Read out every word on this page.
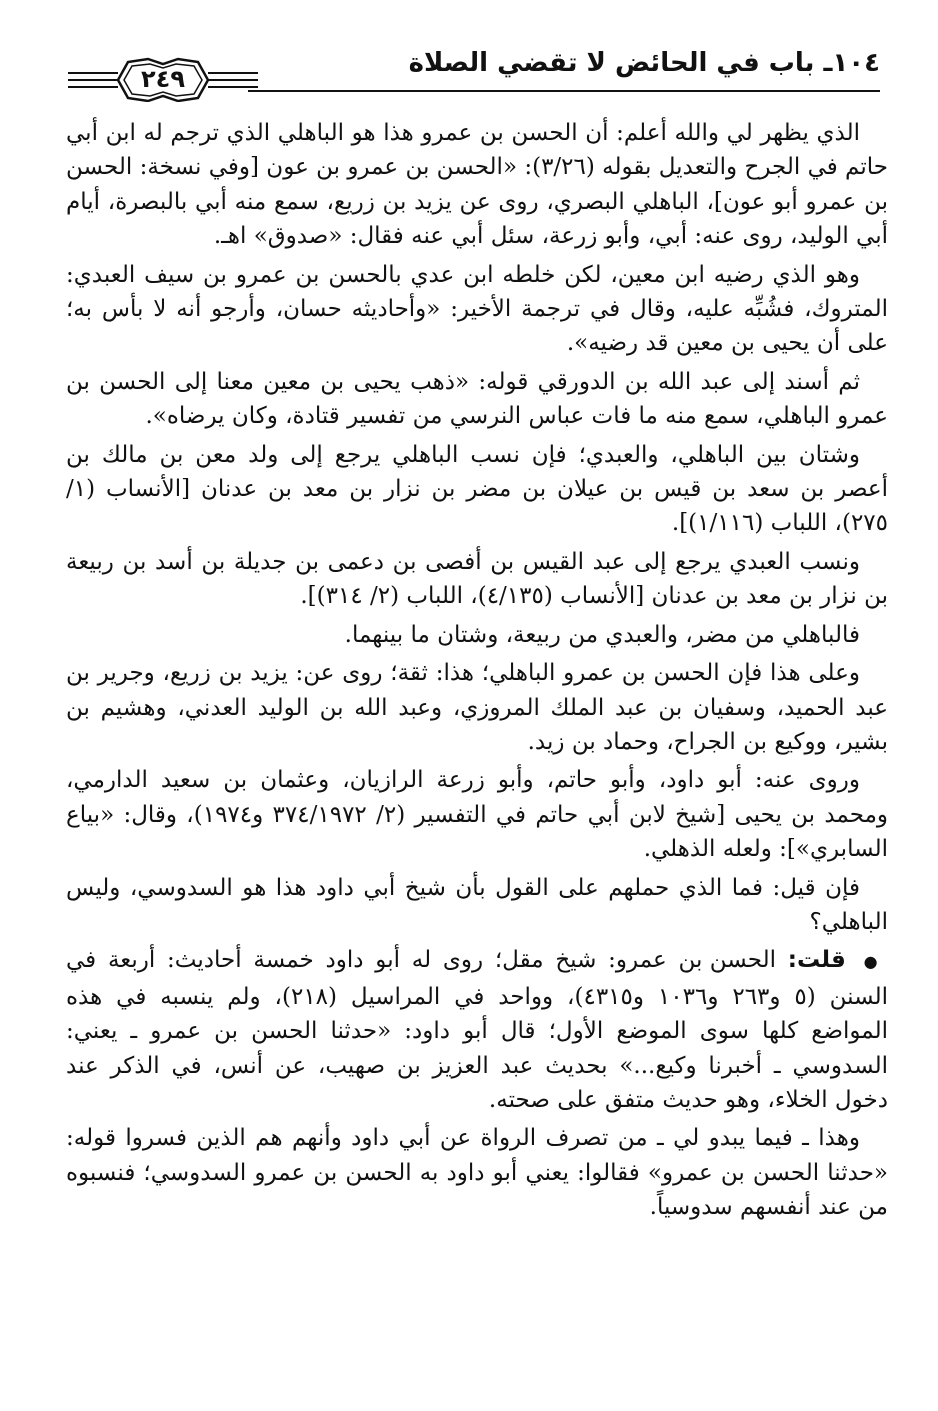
١٠٤ـ باب في الحائض لا تقضي الصلاة
٢٤٩

الذي يظهر لي والله أعلم: أن الحسن بن عمرو هذا هو الباهلي الذي ترجم له ابن أبي حاتم في الجرح والتعديل بقوله (٣/٢٦): «الحسن بن عمرو بن عون [وفي نسخة: الحسن بن عمرو أبو عون]، الباهلي البصري، روى عن يزيد بن زريع، سمع منه أبي بالبصرة، أيام أبي الوليد، روى عنه: أبي، وأبو زرعة، سئل أبي عنه فقال: «صدوق» اهـ.

وهو الذي رضيه ابن معين، لكن خلطه ابن عدي بالحسن بن عمرو بن سيف العبدي: المتروك، فشُبِّه عليه، وقال في ترجمة الأخير: «وأحاديثه حسان، وأرجو أنه لا بأس به؛ على أن يحيى بن معين قد رضيه».

ثم أسند إلى عبد الله بن الدورقي قوله: «ذهب يحيى بن معين معنا إلى الحسن بن عمرو الباهلي، سمع منه ما فات عباس النرسي من تفسير قتادة، وكان يرضاه».

وشتان بين الباهلي، والعبدي؛ فإن نسب الباهلي يرجع إلى ولد معن بن مالك بن أعصر بن سعد بن قيس بن عيلان بن مضر بن نزار بن معد بن عدنان [الأنساب (١/ ٢٧٥)، اللباب (١/١١٦)].

ونسب العبدي يرجع إلى عبد القيس بن أفصى بن دعمى بن جديلة بن أسد بن ربيعة بن نزار بن معد بن عدنان [الأنساب (٤/١٣٥)، اللباب (٢/ ٣١٤)].

فالباهلي من مضر، والعبدي من ربيعة، وشتان ما بينهما.

وعلى هذا فإن الحسن بن عمرو الباهلي؛ هذا: ثقة؛ روى عن: يزيد بن زريع، وجرير بن عبد الحميد، وسفيان بن عبد الملك المروزي، وعبد الله بن الوليد العدني، وهشيم بن بشير، ووكيع بن الجراح، وحماد بن زيد.

وروى عنه: أبو داود، وأبو حاتم، وأبو زرعة الرازيان، وعثمان بن سعيد الدارمي، ومحمد بن يحيى [شيخ لابن أبي حاتم في التفسير (٢/ ٣٧٤/١٩٧٢ و١٩٧٤)، وقال: «بياع السابري»]: ولعله الذهلي.

فإن قيل: فما الذي حملهم على القول بأن شيخ أبي داود هذا هو السدوسي، وليس الباهلي؟

● قلت: الحسن بن عمرو: شيخ مقل؛ روى له أبو داود خمسة أحاديث: أربعة في السنن (٥ و٢٦٣ و١٠٣٦ و٤٣١٥)، وواحد في المراسيل (٢١٨)، ولم ينسبه في هذه المواضع كلها سوى الموضع الأول؛ قال أبو داود: «حدثنا الحسن بن عمرو ـ يعني: السدوسي ـ أخبرنا وكيع...» بحديث عبد العزيز بن صهيب، عن أنس، في الذكر عند دخول الخلاء، وهو حديث متفق على صحته.

وهذا ـ فيما يبدو لي ـ من تصرف الرواة عن أبي داود وأنهم هم الذين فسروا قوله: «حدثنا الحسن بن عمرو» فقالوا: يعني أبو داود به الحسن بن عمرو السدوسي؛ فنسبوه من عند أنفسهم سدوسياً.
